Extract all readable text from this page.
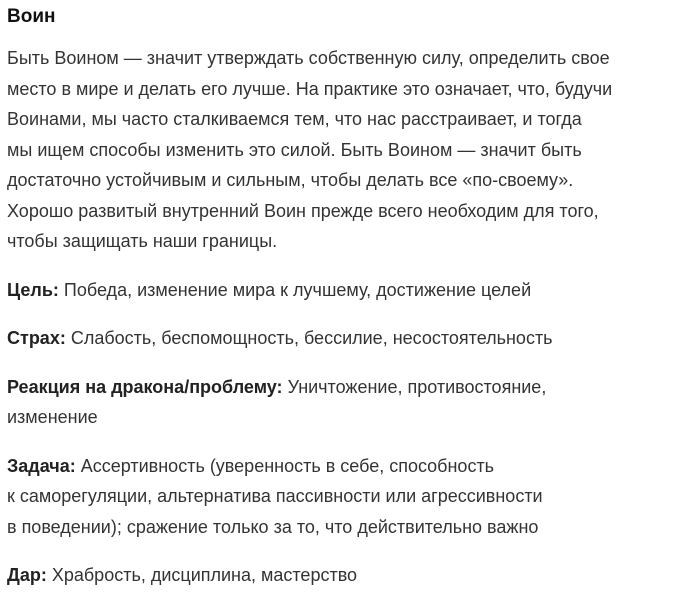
Воин

Быть Воином — значит утверждать собственную силу, определить свое
место в мире и делать его лучше. На практике это означает, что, будучи
Воинами, мы часто сталкиваемся тем, что нас расстраивает, и тогда
мы ищем способы изменить это силой. Быть Воином — значит быть
достаточно устойчивым и сильным, чтобы делать все «по-своему».
Хорошо развитый внутренний Воин прежде всего необходим для того,
чтобы защищать наши границы.

Цель: Победа, изменение мира к лучшему, достижение целей

Страх: Слабость, беспомощность, бессилие, несостоятельность

Реакция на дракона/проблему: Уничтожение, противостояние,
изменение

Задача: Ассертивность (уверенность в себе, способность
к саморегуляции, альтернатива пассивности или агрессивности
в поведении); сражение только за то, что действительно важно

Дар: Храбрость, дисциплина, мастерство
